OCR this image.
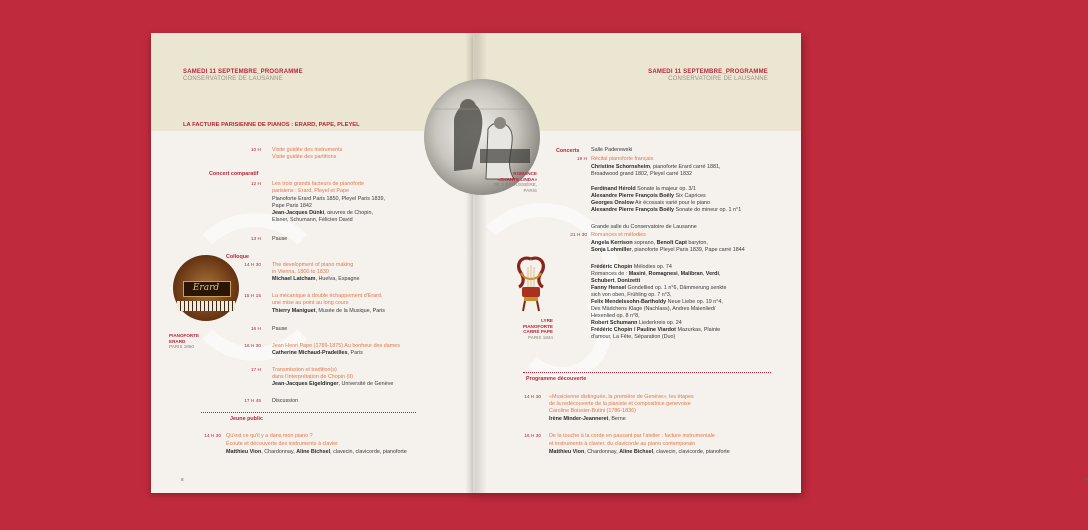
SAMEDI 11 SEPTEMBRE_PROGRAMME
CONSERVATOIRE DE LAUSANNE
LA FACTURE PARISIENNE DE PIANOS : ERARD, PAPE, PLEYEL
10 H Visite guidée des instruments
Visite guidée des partitions
Concert comparatif
12 H Les trois grands facteurs de pianoforte
parisiens : Erard, Pleyel et Pape
Pianoforte Erard Paris 1850, Pleyel Paris 1839,
Pape Paris 1842
Jean-Jacques Dünki, œuvres de Chopin,
Elsner, Schumann, Félicien David
13 H Pause
Colloque
14 H 30 The development of piano making
in Vienna, 1800 to 1830
Michael Latcham, Huelva, Espagne
15 H 15 La mécanique à double échappement d'Erard,
une mise au point au long cours
Thierry Maniguet, Musée de la Musique, Paris
16 H Pause
16 H 30 Jean Henri Pape (1789-1875) Au bonheur des dames
Catherine Michaud-Pradeilles, Paris
17 H Transmission et tradition(s)
dans l'interprétation de Chopin (II)
Jean-Jacques Eigeldinger, Université de Genève
17 H 45 Discussion
Jeune public
14 H 30 Qu'est ce qu'il y a dans mon piano ?
Écoute et découverte des instruments à clavier
Matthieu Vion, Chardonnay, Aline Bichsel, clavecin, clavicorde, pianoforte
Erard
PIANOFORTE
ERARD
PARIS 1850
8
SAMEDI 11 SEPTEMBRE_PROGRAMME
CONSERVATOIRE DE LAUSANNE
Concerts Salle Paderewski
19 H Récital pianoforte français
Christine Schornsheim, pianoforte Erard carré 1881,
Broadwood grand 1802, Pleyel carré 1832
Ferdinand Hérold Sonate la majeur op. 3/1
Alexandre Pierre François Boëly Six Caprices
Georges Onslow Air écossais varié pour le piano
Alexandre Pierre François Boëly Sonate do mineur op. 1 n°1
Grande salle du Conservatoire de Lausanne
21 H 30 Romances et mélodies
Angela Kerrison soprano, Benoît Capt baryton,
Sonja Lohmiller, pianoforte Pleyel Paris 1839, Pape carré 1844
Frédéric Chopin Mélodies op. 74
Romances de : Masini, Romagnesi, Malibran, Verdi,
Schubert, Donizetti
Fanny Hensel Gondellied op. 1 n°6, Dämmerung senkte
sich von oben, Frühling op. 7 n°3,
Felix Mendelssohn-Bartholdy Neue Liebe op. 19 n°4,
Des Mädchens Klage (Nachlass), Andres Maienlied/
Hexenlied op. 8 n°8,
Robert Schumann Liederkreis op. 24
Frédéric Chopin / Pauline Viardot Mazurkas, Plainte
d'amour, La Fête, Séparation (Duo)
Programme découverte
14 H 30 «Musicienne distinguée, la première de Genève», les étapes
de la redécouverte de la pianiste et compositrice genevoise
Caroline Boissier-Butini (1786-1836)
Irène Minder-Jeanneret, Berne
16 H 30 De la touche à la corde en passant par l'atelier : facture instrumentale
et instruments à clavier, du clavicorde au piano contemporain
Matthieu Vion, Chardonnay, Aline Bichsel, clavecin, clavicorde, pianoforte
LYRE
PIANOFORTE
CARRÉ PAPE
PARIS 1844
9
ROMANCE
«CHANTE LINDA»
DE S.BROUSSIÈRE,
PARIS
